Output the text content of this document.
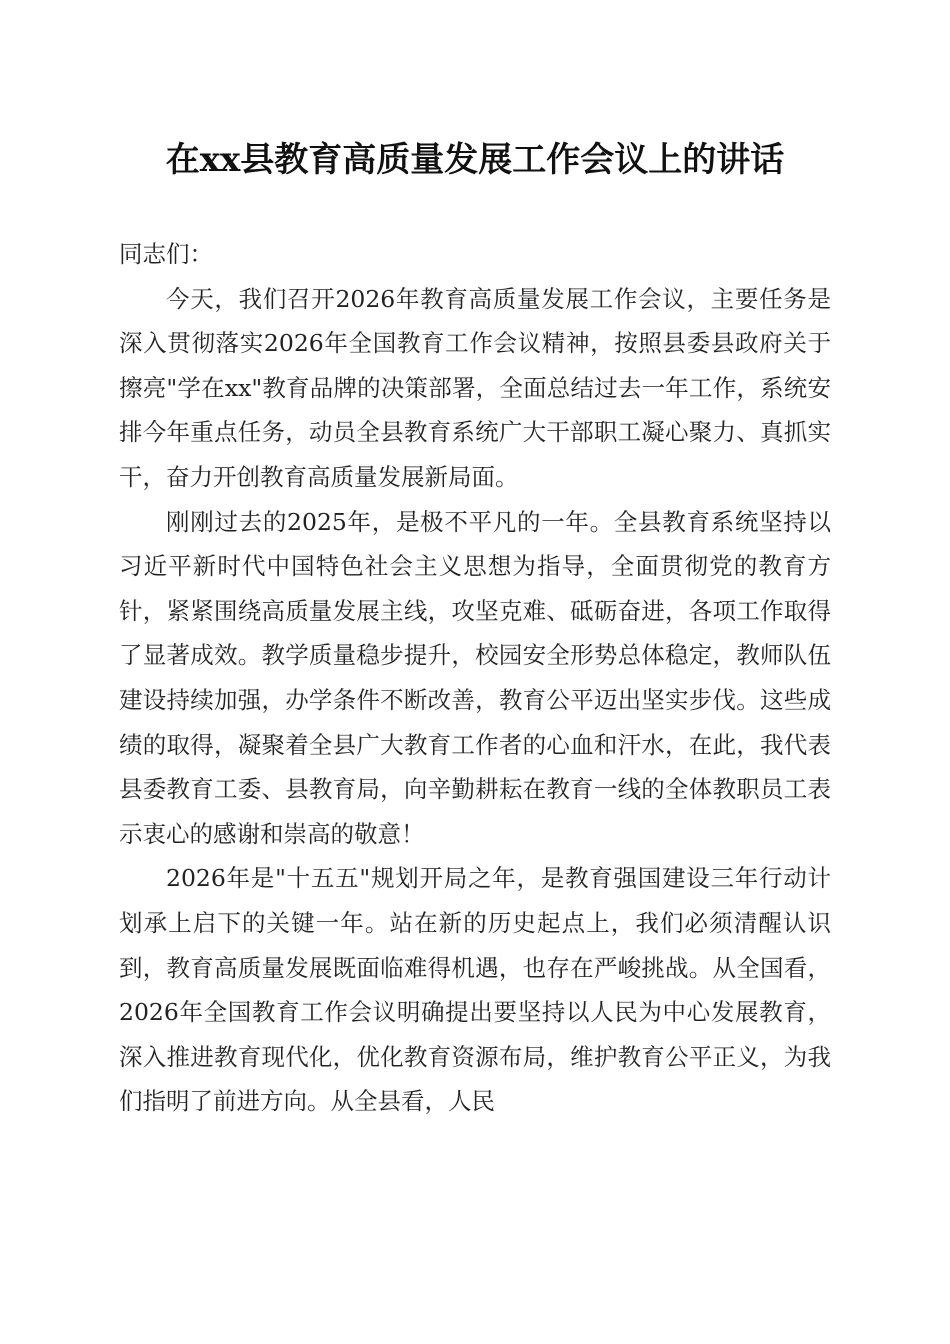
在xx县教育高质量发展工作会议上的讲话

同志们：

今天，我们召开2026年教育高质量发展工作会议，主要任务是深入贯彻落实2026年全国教育工作会议精神，按照县委县政府关于擦亮"学在xx"教育品牌的决策部署，全面总结过去一年工作，系统安排今年重点任务，动员全县教育系统广大干部职工凝心聚力、真抓实干，奋力开创教育高质量发展新局面。

刚刚过去的2025年，是极不平凡的一年。全县教育系统坚持以习近平新时代中国特色社会主义思想为指导，全面贯彻党的教育方针，紧紧围绕高质量发展主线，攻坚克难、砥砺奋进，各项工作取得了显著成效。教学质量稳步提升，校园安全形势总体稳定，教师队伍建设持续加强，办学条件不断改善，教育公平迈出坚实步伐。这些成绩的取得，凝聚着全县广大教育工作者的心血和汗水，在此，我代表县委教育工委、县教育局，向辛勤耕耘在教育一线的全体教职员工表示衷心的感谢和崇高的敬意！

2026年是"十五五"规划开局之年，是教育强国建设三年行动计划承上启下的关键一年。站在新的历史起点上，我们必须清醒认识到，教育高质量发展既面临难得机遇，也存在严峻挑战。从全国看，2026年全国教育工作会议明确提出要坚持以人民为中心发展教育，深入推进教育现代化，优化教育资源布局，维护教育公平正义，为我们指明了前进方向。从全县看，人民
